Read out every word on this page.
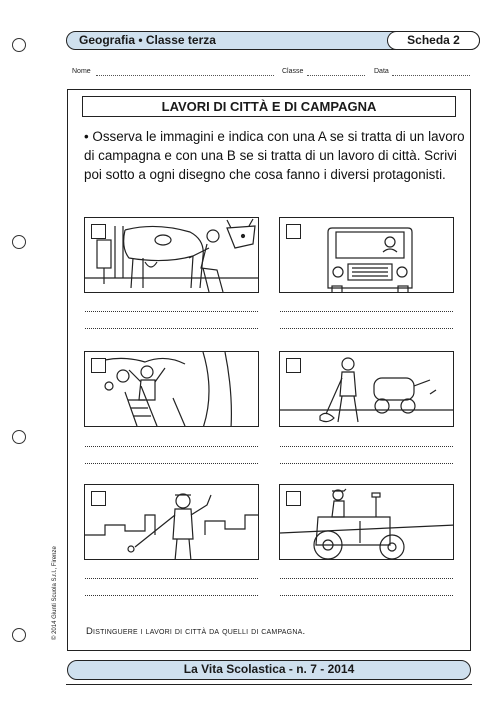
Geografia • Classe terza	Scheda 2
Nome	Classe	Data
LAVORI DI CITTÀ E DI CAMPAGNA
• Osserva le immagini e indica con una A se si tratta di un lavoro di campagna e con una B se si tratta di un lavoro di città. Scrivi poi sotto a ogni disegno che cosa fanno i diversi protagonisti.
Distinguere i lavori di città da quelli di campagna.
© 2014 Giunti Scuola S.r.l., Firenze
La Vita Scolastica - n. 7 - 2014
